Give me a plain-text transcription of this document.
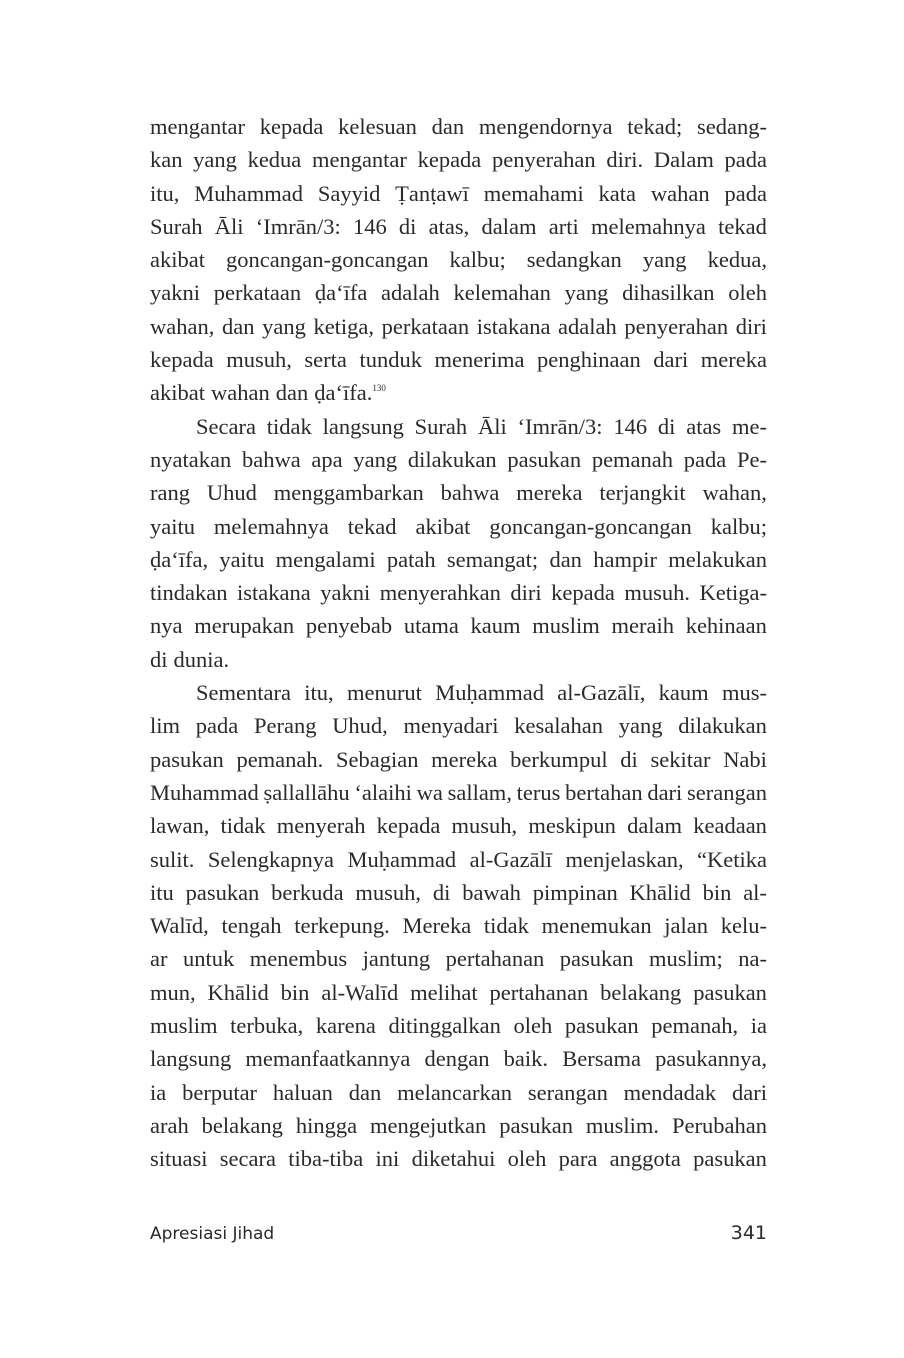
mengantar kepada kelesuan dan mengendornya tekad; sedang-
kan yang kedua mengantar kepada penyerahan diri. Dalam pada
itu, Muhammad Sayyid Ṭanṭawī memahami kata wahan pada
Surah Āli ‘Imrān/3: 146 di atas, dalam arti melemahnya tekad
akibat goncangan-goncangan kalbu; sedangkan yang kedua,
yakni perkataan ḍa‘īfa adalah kelemahan yang dihasilkan oleh
wahan, dan yang ketiga, perkataan istakana adalah penyerahan diri
kepada musuh, serta tunduk menerima penghinaan dari mereka
akibat wahan dan ḍa‘īfa.$^{130}$
Secara tidak langsung Surah Āli ‘Imrān/3: 146 di atas me-
nyatakan bahwa apa yang dilakukan pasukan pemanah pada Pe-
rang Uhud menggambarkan bahwa mereka terjangkit wahan,
yaitu melemahnya tekad akibat goncangan-goncangan kalbu;
ḍa‘īfa, yaitu mengalami patah semangat; dan hampir melakukan
tindakan istakana yakni menyerahkan diri kepada musuh. Ketiga-
nya merupakan penyebab utama kaum muslim meraih kehinaan
di dunia.
Sementara itu, menurut Muḥammad al-Gazālī, kaum mus-
lim pada Perang Uhud, menyadari kesalahan yang dilakukan
pasukan pemanah. Sebagian mereka berkumpul di sekitar Nabi
Muhammad ṣallallāhu ‘alaihi wa sallam, terus bertahan dari serangan
lawan, tidak menyerah kepada musuh, meskipun dalam keadaan
sulit. Selengkapnya Muḥammad al-Gazālī menjelaskan, “Ketika
itu pasukan berkuda musuh, di bawah pimpinan Khālid bin al-
Walīd, tengah terkepung. Mereka tidak menemukan jalan kelu-
ar untuk menembus jantung pertahanan pasukan muslim; na-
mun, Khālid bin al-Walīd melihat pertahanan belakang pasukan
muslim terbuka, karena ditinggalkan oleh pasukan pemanah, ia
langsung memanfaatkannya dengan baik. Bersama pasukannya,
ia berputar haluan dan melancarkan serangan mendadak dari
arah belakang hingga mengejutkan pasukan muslim. Perubahan
situasi secara tiba-tiba ini diketahui oleh para anggota pasukan
Apresiasi Jihad	341
